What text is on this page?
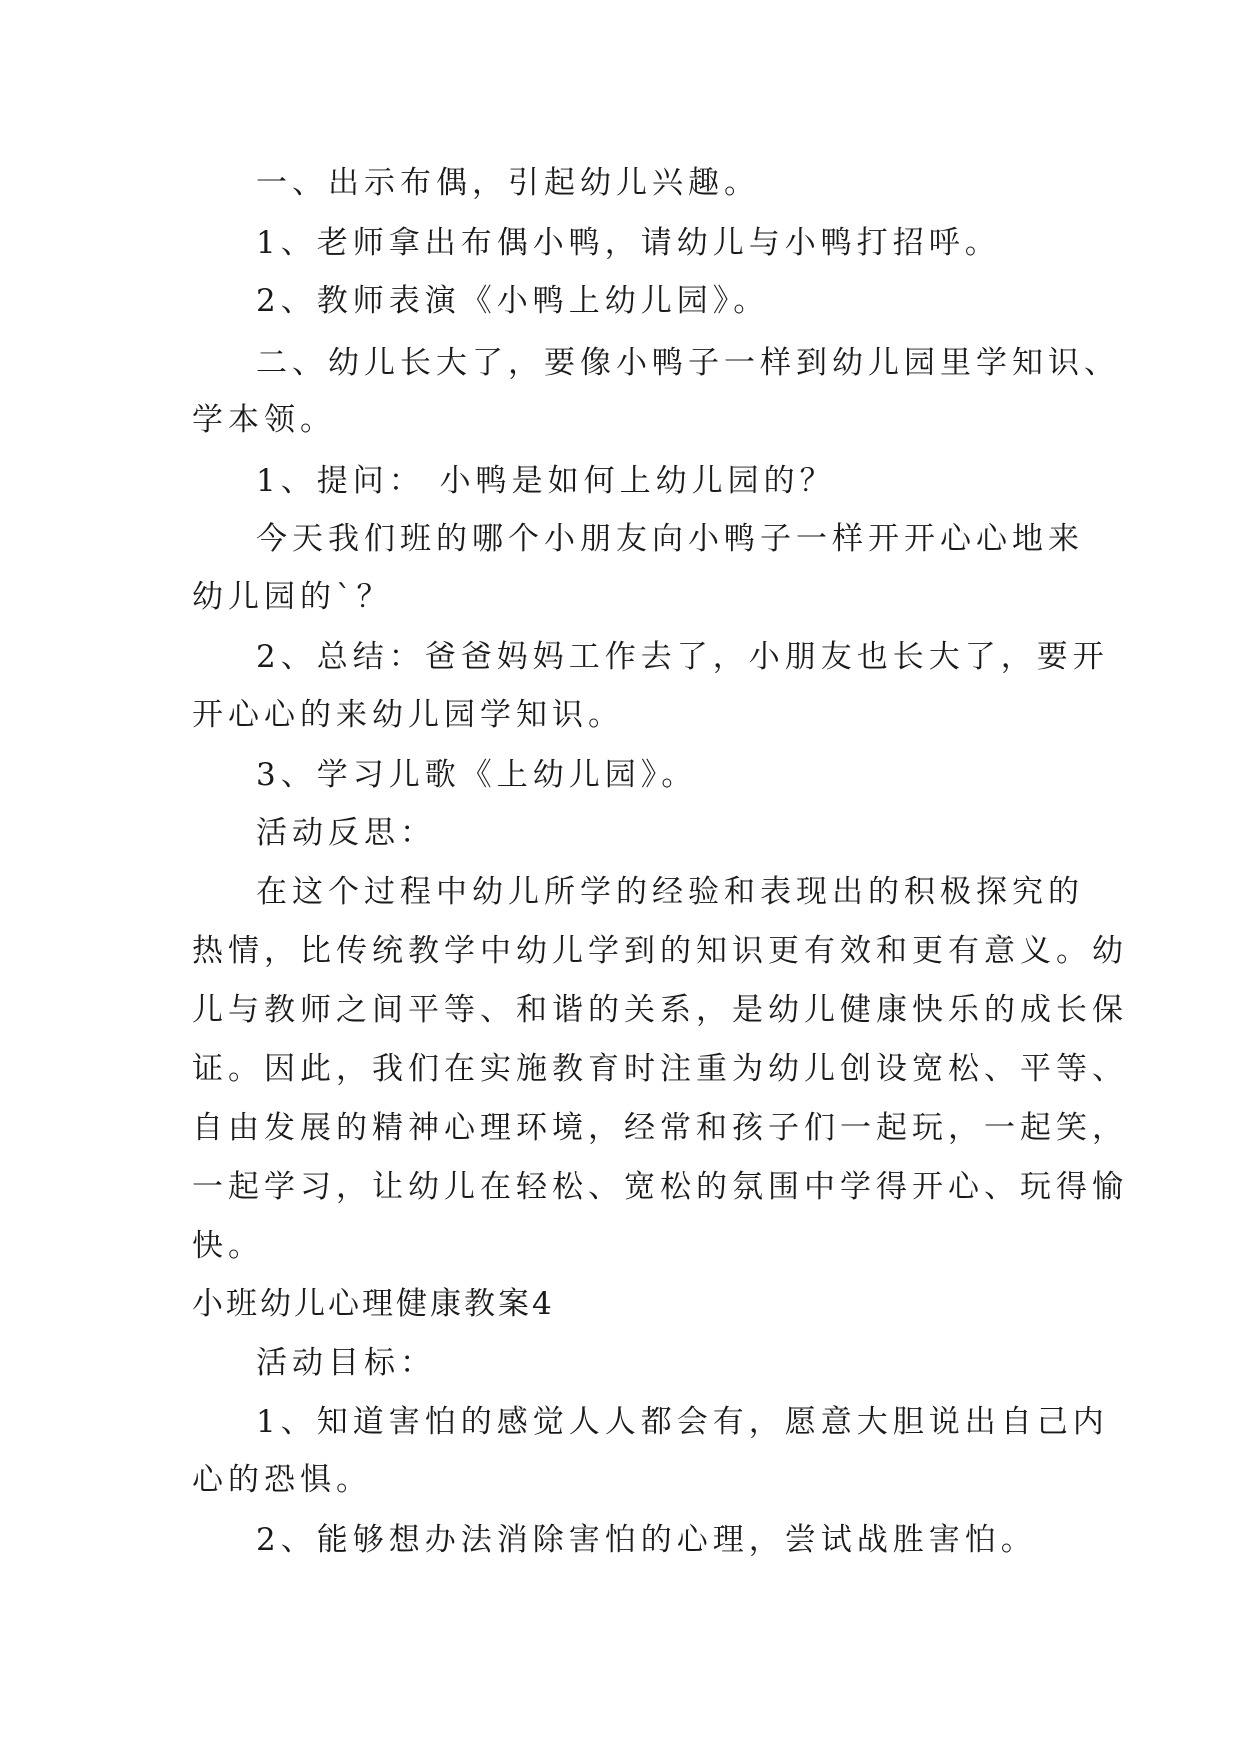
一、出示布偶，引起幼儿兴趣。
1、老师拿出布偶小鸭，请幼儿与小鸭打招呼。
2、教师表演《小鸭上幼儿园》。
二、幼儿长大了，要像小鸭子一样到幼儿园里学知识、
学本领。
1、提问： 小鸭是如何上幼儿园的？
今天我们班的哪个小朋友向小鸭子一样开开心心地来
幼儿园的`？
2、总结：爸爸妈妈工作去了，小朋友也长大了，要开
开心心的来幼儿园学知识。
3、学习儿歌《上幼儿园》。
活动反思：
在这个过程中幼儿所学的经验和表现出的积极探究的
热情，比传统教学中幼儿学到的知识更有效和更有意义。幼
儿与教师之间平等、和谐的关系，是幼儿健康快乐的成长保
证。因此，我们在实施教育时注重为幼儿创设宽松、平等、
自由发展的精神心理环境，经常和孩子们一起玩，一起笑，
一起学习，让幼儿在轻松、宽松的氛围中学得开心、玩得愉
快。
小班幼儿心理健康教案4
活动目标：
1、知道害怕的感觉人人都会有，愿意大胆说出自己内
心的恐惧。
2、能够想办法消除害怕的心理，尝试战胜害怕。
